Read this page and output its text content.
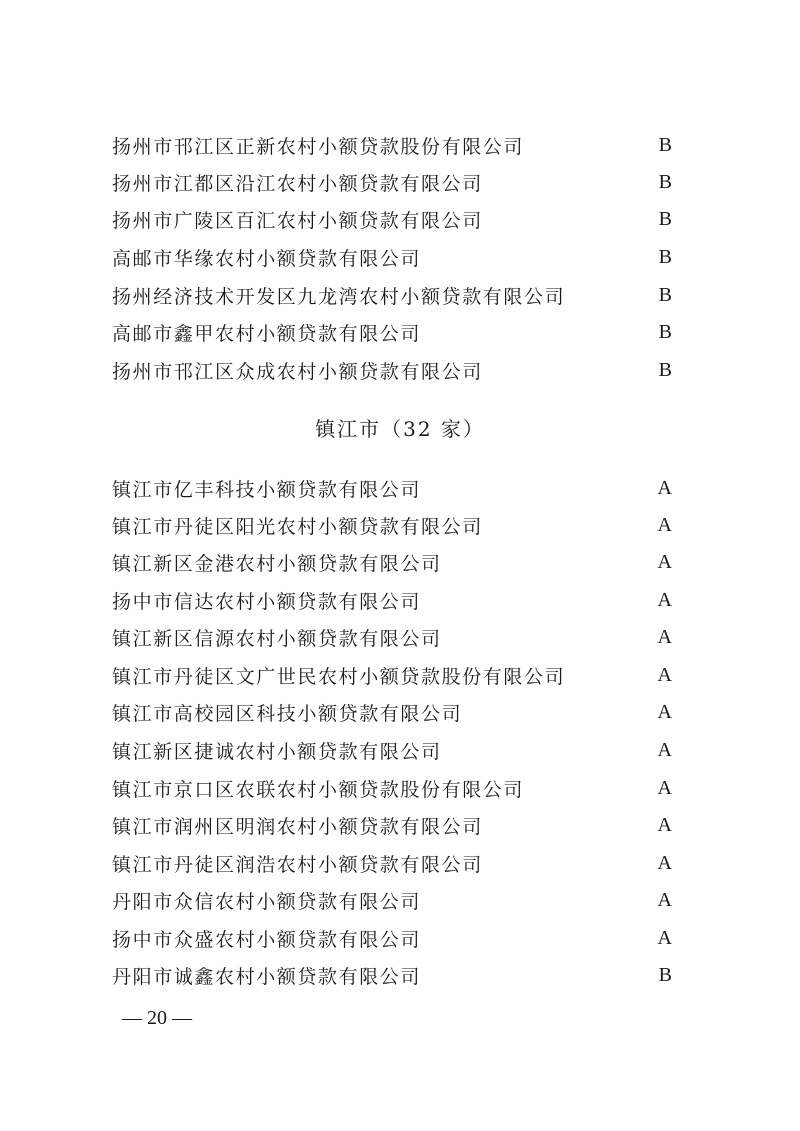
扬州市邗江区正新农村小额贷款股份有限公司	B
扬州市江都区沿江农村小额贷款有限公司	B
扬州市广陵区百汇农村小额贷款有限公司	B
高邮市华缘农村小额贷款有限公司	B
扬州经济技术开发区九龙湾农村小额贷款有限公司	B
高邮市鑫甲农村小额贷款有限公司	B
扬州市邗江区众成农村小额贷款有限公司	B
镇江市（32 家）
镇江市亿丰科技小额贷款有限公司	A
镇江市丹徒区阳光农村小额贷款有限公司	A
镇江新区金港农村小额贷款有限公司	A
扬中市信达农村小额贷款有限公司	A
镇江新区信源农村小额贷款有限公司	A
镇江市丹徒区文广世民农村小额贷款股份有限公司	A
镇江市高校园区科技小额贷款有限公司	A
镇江新区捷诚农村小额贷款有限公司	A
镇江市京口区农联农村小额贷款股份有限公司	A
镇江市润州区明润农村小额贷款有限公司	A
镇江市丹徒区润浩农村小额贷款有限公司	A
丹阳市众信农村小额贷款有限公司	A
扬中市众盛农村小额贷款有限公司	A
丹阳市诚鑫农村小额贷款有限公司	B
— 20 —
